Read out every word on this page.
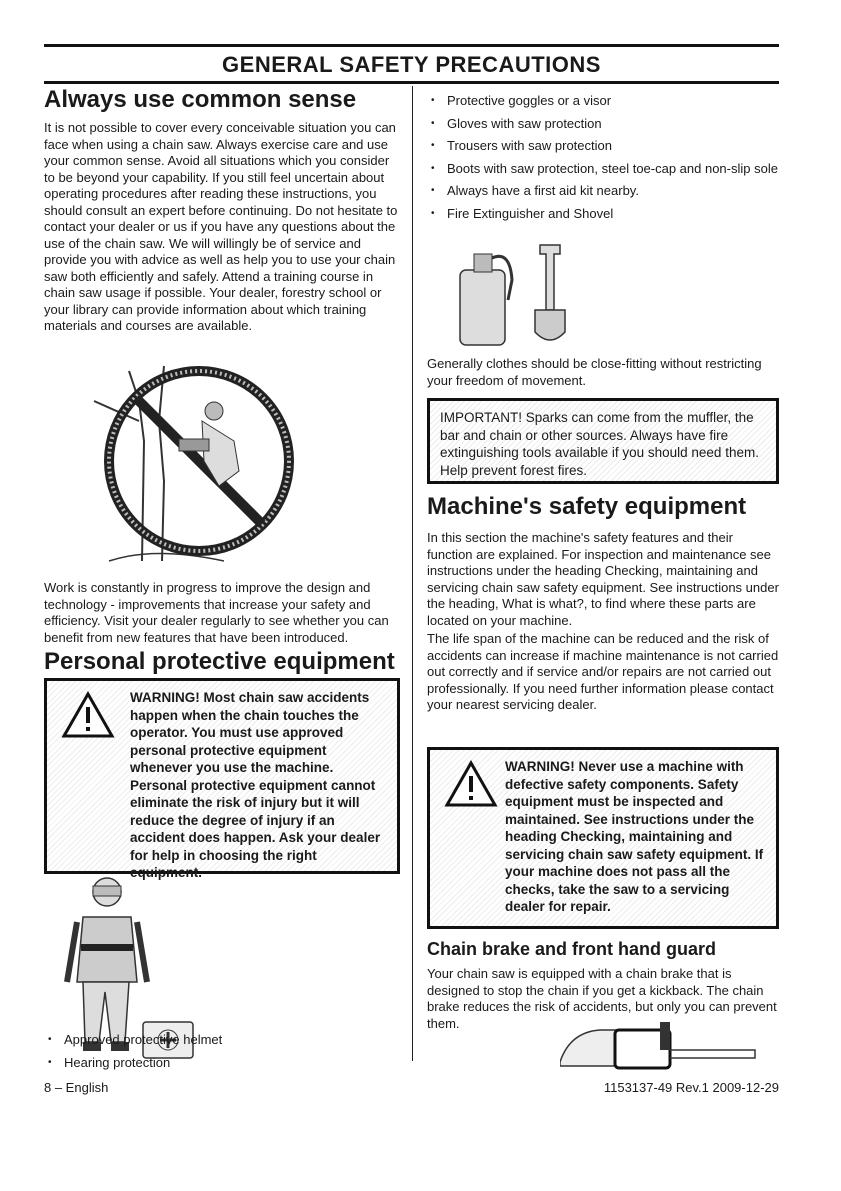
GENERAL SAFETY PRECAUTIONS
Always use common sense

It is not possible to cover every conceivable situation you can face when using a chain saw. Always exercise care and use your common sense. Avoid all situations which you consider to be beyond your capability. If you still feel uncertain about operating procedures after reading these instructions, you should consult an expert before continuing. Do not hesitate to contact your dealer or us if you have any questions about the use of the chain saw. We will willingly be of service and provide you with advice as well as help you to use your chain saw both efficiently and safely. Attend a training course in chain saw usage if possible. Your dealer, forestry school or your library can provide information about which training materials and courses are available.

Work is constantly in progress to improve the design and technology - improvements that increase your safety and efficiency. Visit your dealer regularly to see whether you can benefit from new features that have been introduced.

Personal protective equipment
WARNING! Most chain saw accidents happen when the chain touches the operator. You must use approved personal protective equipment whenever you use the machine. Personal protective equipment cannot eliminate the risk of injury but it will reduce the degree of injury if an accident does happen. Ask your dealer for help in choosing the right equipment.
• Approved protective helmet
• Hearing protection
• Protective goggles or a visor
• Gloves with saw protection
• Trousers with saw protection
• Boots with saw protection, steel toe-cap and non-slip sole
• Always have a first aid kit nearby.
• Fire Extinguisher and Shovel

Generally clothes should be close-fitting without restricting your freedom of movement.

IMPORTANT! Sparks can come from the muffler, the bar and chain or other sources. Always have fire extinguishing tools available if you should need them. Help prevent forest fires.

Machine's safety equipment

In this section the machine's safety features and their function are explained. For inspection and maintenance see instructions under the heading Checking, maintaining and servicing chain saw safety equipment. See instructions under the heading, What is what?, to find where these parts are located on your machine.

The life span of the machine can be reduced and the risk of accidents can increase if machine maintenance is not carried out correctly and if service and/or repairs are not carried out professionally. If you need further information please contact your nearest servicing dealer.

WARNING! Never use a machine with defective safety components. Safety equipment must be inspected and maintained. See instructions under the heading Checking, maintaining and servicing chain saw safety equipment. If your machine does not pass all the checks, take the saw to a servicing dealer for repair.
Chain brake and front hand guard

Your chain saw is equipped with a chain brake that is designed to stop the chain if you get a kickback. The chain brake reduces the risk of accidents, but only you can prevent them.

8 – English	1153137-49 Rev.1 2009-12-29
